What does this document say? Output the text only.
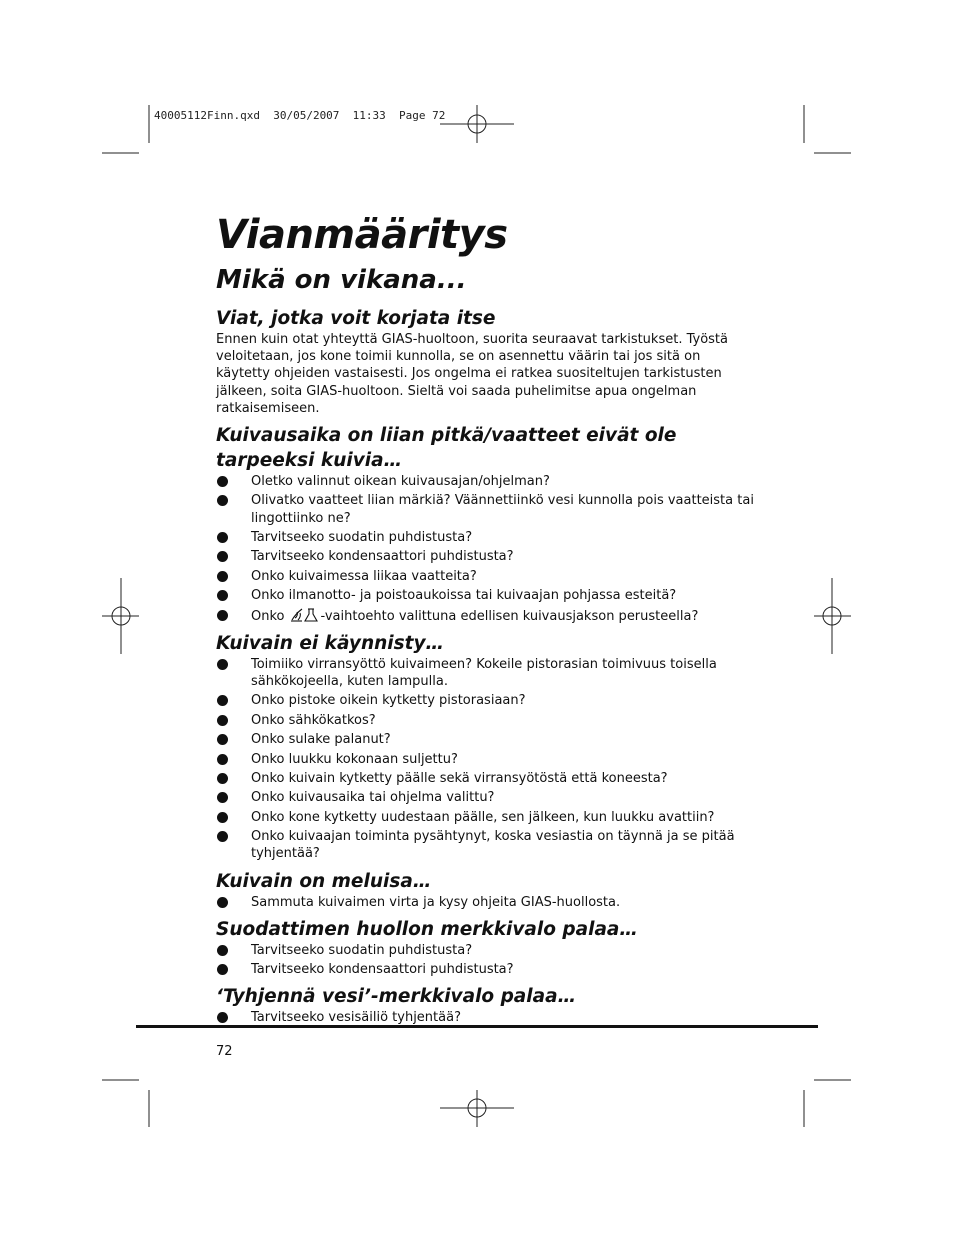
40005112Finn.qxd  30/05/2007  11:33  Page 72
Vianmääritys
Mikä on vikana...
Viat, jotka voit korjata itse

Ennen kuin otat yhteyttä GIAS-huoltoon, suorita seuraavat tarkistukset. Työstä veloitetaan, jos kone toimii kunnolla, se on asennettu väärin tai jos sitä on käytetty ohjeiden vastaisesti. Jos ongelma ei ratkea suositeltujen tarkistusten jälkeen, soita GIAS-huoltoon. Sieltä voi saada puhelimitse apua ongelman ratkaisemiseen.

Kuivausaika on liian pitkä/vaatteet eivät ole tarpeeksi kuivia…
Oletko valinnut oikean kuivausajan/ohjelman?
Olivatko vaatteet liian märkiä? Väännettiinkö vesi kunnolla pois vaatteista tai lingottiinko ne?
Tarvitseeko suodatin puhdistusta?
Tarvitseeko kondensaattori puhdistusta?
Onko kuivaimessa liikaa vaatteita?
Onko ilmanotto- ja poistoaukoissa tai kuivaajan pohjassa esteitä?
Onko	-vaihtoehto valittuna edellisen kuivausjakson perusteella?
Kuivain ei käynnisty…
Toimiiko virransyöttö kuivaimeen? Kokeile pistorasian toimivuus toisella sähkökojeella, kuten lampulla.
Onko pistoke oikein kytketty pistorasiaan?
Onko sähkökatkos?
Onko sulake palanut?
Onko luukku kokonaan suljettu?
Onko kuivain kytketty päälle sekä virransyötöstä että koneesta?
Onko kuivausaika tai ohjelma valittu?
Onko kone kytketty uudestaan päälle, sen jälkeen, kun luukku avattiin?
Onko kuivaajan toiminta pysähtynyt, koska vesiastia on täynnä ja se pitää tyhjentää?
Kuivain on meluisa…
Sammuta kuivaimen virta ja kysy ohjeita GIAS-huollosta.
Suodattimen huollon merkkivalo palaa…
Tarvitseeko suodatin puhdistusta?
Tarvitseeko kondensaattori puhdistusta?
‘Tyhjennä vesi’-merkkivalo palaa…
Tarvitseeko vesisäiliö tyhjentää?
72
